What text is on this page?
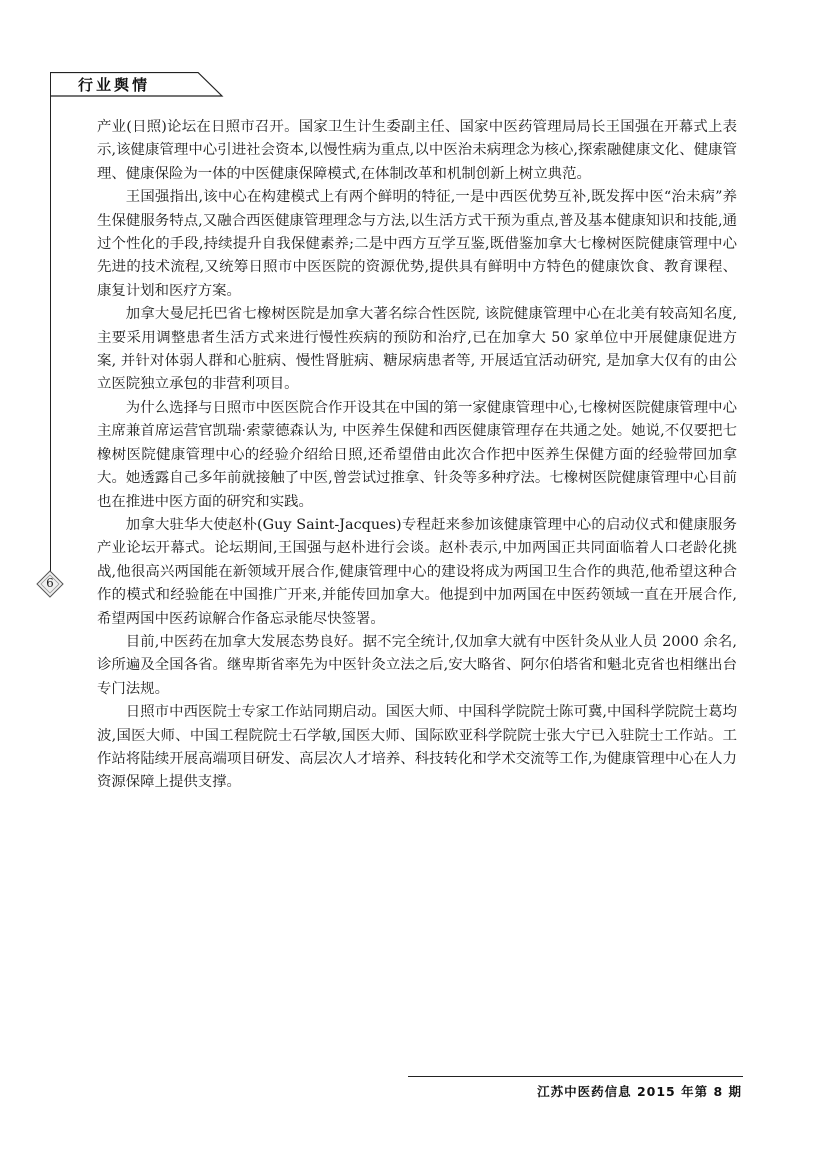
行业舆情
6

产业(日照)论坛在日照市召开。国家卫生计生委副主任、国家中医药管理局局长王国强在开幕式上表示,该健康管理中心引进社会资本,以慢性病为重点,以中医治未病理念为核心,探索融健康文化、健康管理、健康保险为一体的中医健康保障模式,在体制改革和机制创新上树立典范。

王国强指出,该中心在构建模式上有两个鲜明的特征,一是中西医优势互补,既发挥中医“治未病”养生保健服务特点,又融合西医健康管理理念与方法,以生活方式干预为重点,普及基本健康知识和技能,通过个性化的手段,持续提升自我保健素养;二是中西方互学互鉴,既借鉴加拿大七橡树医院健康管理中心先进的技术流程,又统筹日照市中医医院的资源优势,提供具有鲜明中方特色的健康饮食、教育课程、康复计划和医疗方案。

加拿大曼尼托巴省七橡树医院是加拿大著名综合性医院, 该院健康管理中心在北美有较高知名度, 主要采用调整患者生活方式来进行慢性疾病的预防和治疗,已在加拿大 50 家单位中开展健康促进方案, 并针对体弱人群和心脏病、慢性肾脏病、糖尿病患者等, 开展适宜活动研究, 是加拿大仅有的由公立医院独立承包的非营利项目。

为什么选择与日照市中医医院合作开设其在中国的第一家健康管理中心,七橡树医院健康管理中心主席兼首席运营官凯瑞·索蒙德森认为, 中医养生保健和西医健康管理存在共通之处。她说,不仅要把七橡树医院健康管理中心的经验介绍给日照,还希望借由此次合作把中医养生保健方面的经验带回加拿大。她透露自己多年前就接触了中医,曾尝试过推拿、针灸等多种疗法。七橡树医院健康管理中心目前也在推进中医方面的研究和实践。

加拿大驻华大使赵朴(Guy Saint-Jacques)专程赶来参加该健康管理中心的启动仪式和健康服务产业论坛开幕式。论坛期间,王国强与赵朴进行会谈。赵朴表示,中加两国正共同面临着人口老龄化挑战,他很高兴两国能在新领域开展合作,健康管理中心的建设将成为两国卫生合作的典范,他希望这种合作的模式和经验能在中国推广开来,并能传回加拿大。他提到中加两国在中医药领域一直在开展合作,希望两国中医药谅解合作备忘录能尽快签署。

目前,中医药在加拿大发展态势良好。据不完全统计,仅加拿大就有中医针灸从业人员 2000 余名,诊所遍及全国各省。继卑斯省率先为中医针灸立法之后,安大略省、阿尔伯塔省和魁北克省也相继出台专门法规。

日照市中西医院士专家工作站同期启动。国医大师、中国科学院院士陈可冀,中国科学院院士葛均波,国医大师、中国工程院院士石学敏,国医大师、国际欧亚科学院院士张大宁已入驻院士工作站。工作站将陆续开展高端项目研发、高层次人才培养、科技转化和学术交流等工作,为健康管理中心在人力资源保障上提供支撑。

江苏中医药信息 2015 年第 8 期
